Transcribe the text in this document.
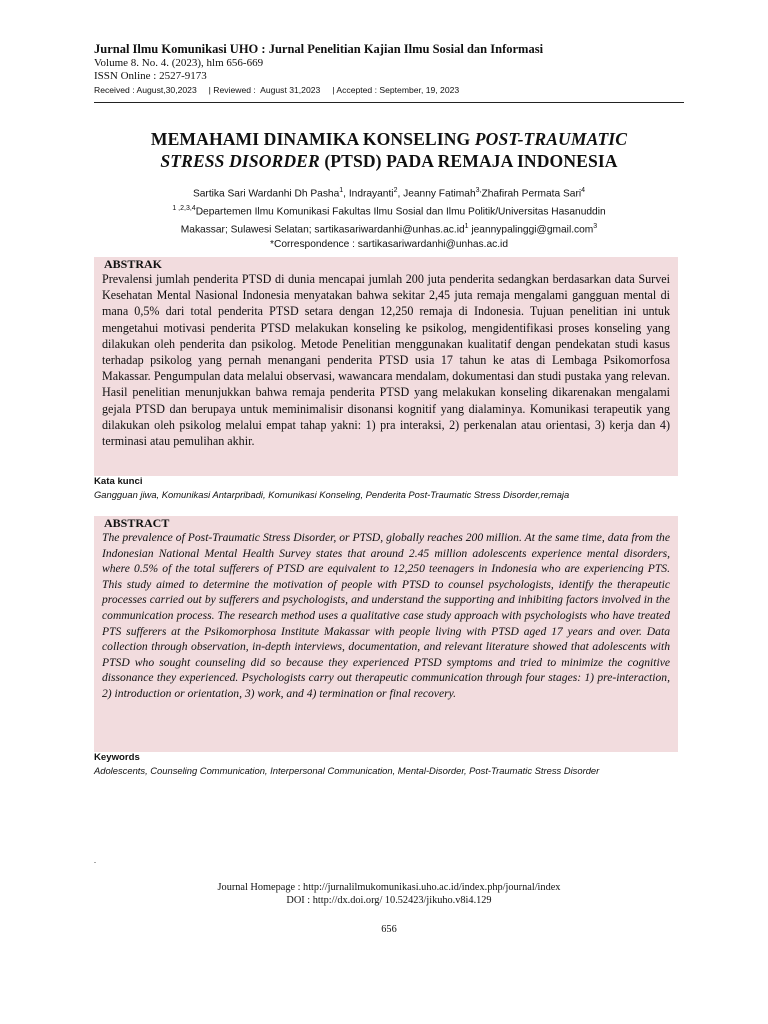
Jurnal Ilmu Komunikasi UHO : Jurnal Penelitian Kajian Ilmu Sosial dan Informasi
Volume 8. No. 4. (2023), hlm 656-669
ISSN Online : 2527-9173
Received : August,30,2023     | Reviewed :  August 31,2023     | Accepted : September, 19, 2023
MEMAHAMI DINAMIKA KONSELING POST-TRAUMATIC
STRESS DISORDER (PTSD) PADA REMAJA INDONESIA
Sartika Sari Wardanhi Dh Pasha$^1$, Indrayanti$^2$, Jeanny Fatimah$^{3,}$Zhafirah Permata Sari$^4$
$^{1 ,2,3,4}$Departemen Ilmu Komunikasi Fakultas Ilmu Sosial dan Ilmu Politik/Universitas Hasanuddin
Makassar; Sulawesi Selatan; $sartikasariwardanhi@unhas.ac.id^1$ jeannypalinggi@gmail.com$^3$
*Correspondence : sartikasariwardanhi@unhas.ac.id
ABSTRAK
Prevalensi jumlah penderita PTSD di dunia mencapai jumlah 200 juta penderita sedangkan berdasarkan data Survei Kesehatan Mental Nasional Indonesia menyatakan bahwa sekitar 2,45 juta remaja mengalami gangguan mental di mana 0,5% dari total penderita PTSD setara dengan 12,250 remaja di Indonesia. Tujuan penelitian ini untuk mengetahui motivasi penderita PTSD melakukan konseling ke psikolog, mengidentifikasi proses konseling yang dilakukan oleh penderita dan psikolog. Metode Penelitian menggunakan kualitatif dengan pendekatan studi kasus terhadap psikolog yang pernah menangani penderita PTSD usia 17 tahun ke atas di Lembaga Psikomorfosa Makassar. Pengumpulan data melalui observasi, wawancara mendalam, dokumentasi dan studi pustaka yang relevan. Hasil penelitian menunjukkan bahwa remaja penderita PTSD yang melakukan konseling dikarenakan mengalami gejala PTSD dan berupaya untuk meminimalisir disonansi kognitif yang dialaminya. Komunikasi terapeutik yang dilakukan oleh psikolog melalui empat tahap yakni: 1) pra interaksi, 2) perkenalan atau orientasi, 3) kerja dan 4) terminasi atau pemulihan akhir.
Kata kunci
Gangguan jiwa, Komunikasi Antarpribadi, Komunikasi Konseling, Penderita Post-Traumatic Stress Disorder,remaja
ABSTRACT
The prevalence of Post-Traumatic Stress Disorder, or PTSD, globally reaches 200 million. At the same time, data from the Indonesian National Mental Health Survey states that around 2.45 million adolescents experience mental disorders, where 0.5% of the total sufferers of PTSD are equivalent to 12,250 teenagers in Indonesia who are experiencing PTS. This study aimed to determine the motivation of people with PTSD to counsel psychologists, identify the therapeutic processes carried out by sufferers and psychologists, and understand the supporting and inhibiting factors involved in the communication process. The research method uses a qualitative case study approach with psychologists who have treated PTS sufferers at the Psikomorphosa Institute Makassar with people living with PTSD aged 17 years and over. Data collection through observation, in-depth interviews, documentation, and relevant literature showed that adolescents with PTSD who sought counseling did so because they experienced PTSD symptoms and tried to minimize the cognitive dissonance they experienced. Psychologists carry out therapeutic communication through four stages: 1) pre-interaction, 2) introduction or orientation, 3) work, and 4) termination or final recovery.
Keywords
Adolescents, Counseling Communication, Interpersonal Communication, Mental-Disorder, Post-Traumatic Stress Disorder
.
Journal Homepage : http://jurnalilmukomunikasi.uho.ac.id/index.php/journal/index
DOI : http://dx.doi.org/ 10.52423/jikuho.v8i4.129
656
